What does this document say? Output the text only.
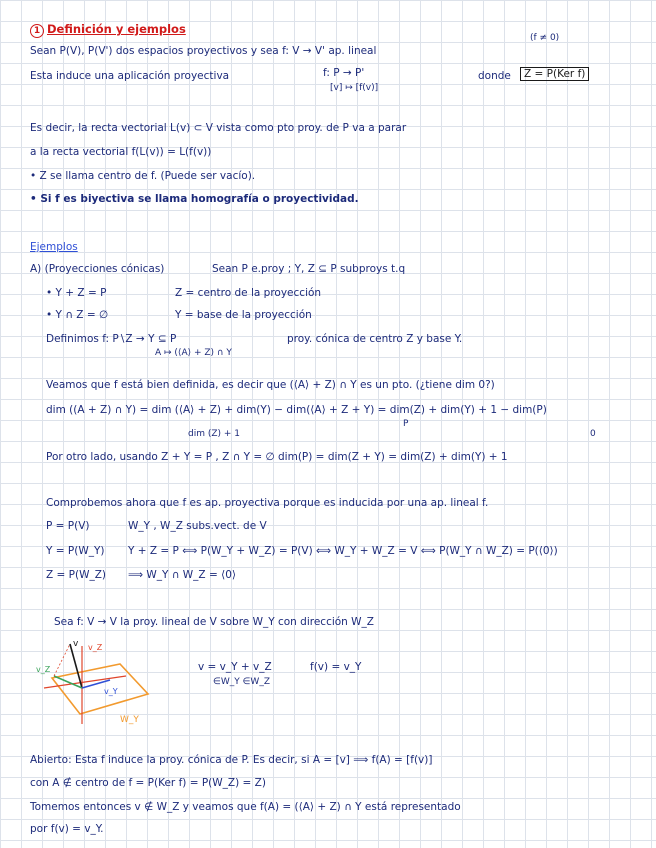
1 Definición y ejemplos
(f ≠ 0)
Sean P(V), P(V') dos espacios proyectivos y sea f: V → V' ap. lineal
Esta induce una aplicación proyectiva	f: P → P'
[v] ↦ [f(v)]
donde	Z = P(Ker f)
Es decir, la recta vectorial L(v) ⊂ V vista como pto proy. de P va a parar
a la recta vectorial f(L(v)) = L(f(v))
• Z se llama centro de f. (Puede ser vacío).
• Si f es biyectiva se llama homografía o proyectividad.
Ejemplos
A) (Proyecciones cónicas)	Sean P e.proy ; Y, Z ⊆ P subproys t.q
• Y + Z = P	Z = centro de la proyección
• Y ∩ Z = ∅	Y = base de la proyección
Definimos f: P∖Z → Y ⊆ P	proy. cónica de centro Z y base Y.
A ↦ (⟨A⟩ + Z) ∩ Y
Veamos que f está bien definida, es decir que (⟨A⟩ + Z) ∩ Y es un pto. (¿tiene dim 0?)
dim ((A + Z) ∩ Y) = dim (⟨A⟩ + Z) + dim(Y) − dim(⟨A⟩ + Z + Y) = dim(Z) + dim(Y) + 1 − dim(P)
P
dim (Z) + 1	0
Por otro lado, usando Z + Y = P , Z ∩ Y = ∅ dim(P) = dim(Z + Y) = dim(Z) + dim(Y) + 1
Comprobemos ahora que f es ap. proyectiva porque es inducida por una ap. lineal f.
P = P(V)	W_Y , W_Z subs.vect. de V
Y = P(W_Y) Y + Z = P ⟺ P(W_Y + W_Z) = P(V) ⟺ W_Y + W_Z = V ⟺ P(W_Y ∩ W_Z) = P(⟨0⟩)
Z = P(W_Z) ⟹ W_Y ∩ W_Z = ⟨0⟩
Sea f: V → V la proy. lineal de V sobre W_Y con dirección W_Z
v v_Z
v_Z
v_Y
W_Y
v = v_Y + v_Z
∈W_Y ∈W_Z
f(v) = v_Y
Abierto: Esta f induce la proy. cónica de P. Es decir, si A = [v] ⟹ f(A) = [f(v)]
con A ∉ centro de f = P(Ker f) = P(W_Z) = Z)
Tomemos entonces v ∉ W_Z y veamos que f(A) = (⟨A⟩ + Z) ∩ Y está representado
por f(v) = v_Y.
